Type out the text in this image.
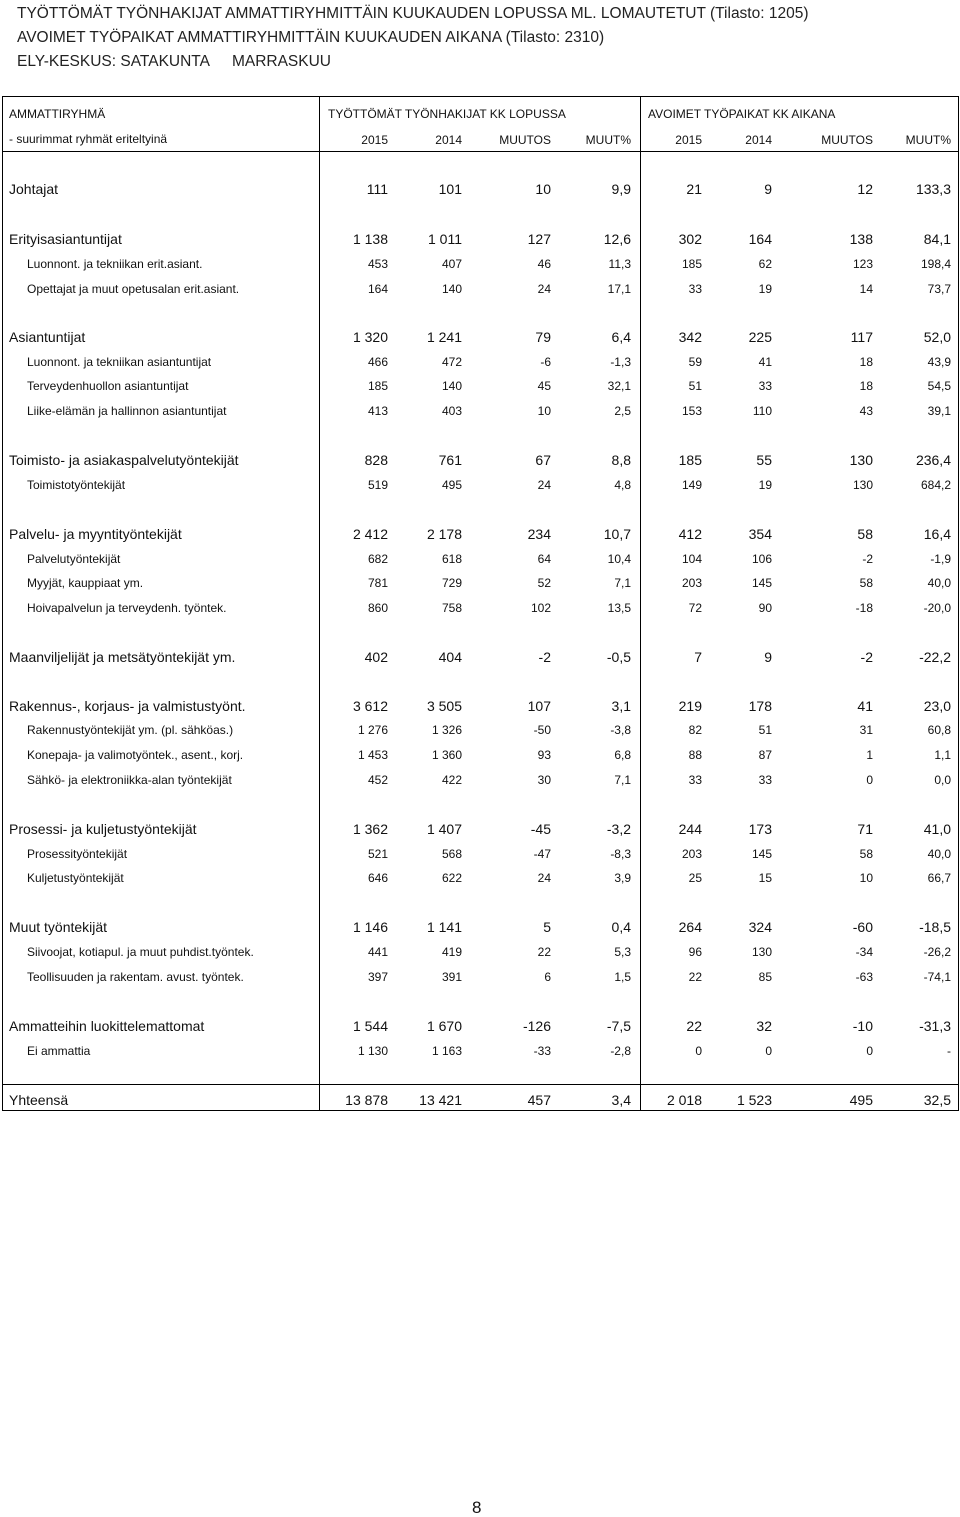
TYÖTTÖMÄT TYÖNHAKIJAT AMMATTIRYHMITTÄIN KUUKAUDEN LOPUSSA ML. LOMAUTETUT (Tilasto: 1205)
AVOIMET TYÖPAIKAT AMMATTIRYHMITTÄIN KUUKAUDEN AIKANA (Tilasto: 2310)
ELY-KESKUS: SATAKUNTA MARRASKUU
AMMATTIRYHMÄ
- suurimmat ryhmät eriteltyinä
TYÖTTÖMÄT TYÖNHAKIJAT KK LOPUSSA	AVOIMET TYÖPAIKAT KK AIKANA
2015	2014	MUUTOS	MUUT%	2015	2014	MUUTOS	MUUT%
Johtajat	111	101	10	9,9	21	9	12	133,3
Erityisasiantuntijat	1 138	1 011	127	12,6	302	164	138	84,1
Luonnont. ja tekniikan erit.asiant.	453	407	46	11,3	185	62	123	198,4
Opettajat ja muut opetusalan erit.asiant.	164	140	24	17,1	33	19	14	73,7
Asiantuntijat	1 320	1 241	79	6,4	342	225	117	52,0
Luonnont. ja tekniikan asiantuntijat	466	472	-6	-1,3	59	41	18	43,9
Terveydenhuollon asiantuntijat	185	140	45	32,1	51	33	18	54,5
Liike-elämän ja hallinnon asiantuntijat	413	403	10	2,5	153	110	43	39,1
Toimisto- ja asiakaspalvelutyöntekijät	828	761	67	8,8	185	55	130	236,4
Toimistotyöntekijät	519	495	24	4,8	149	19	130	684,2
Palvelu- ja myyntityöntekijät	2 412	2 178	234	10,7	412	354	58	16,4
Palvelutyöntekijät	682	618	64	10,4	104	106	-2	-1,9
Myyjät, kauppiaat ym.	781	729	52	7,1	203	145	58	40,0
Hoivapalvelun ja terveydenh. työntek.	860	758	102	13,5	72	90	-18	-20,0
Maanviljelijät ja metsätyöntekijät ym.	402	404	-2	-0,5	7	9	-2	-22,2
Rakennus-, korjaus- ja valmistustyönt.	3 612	3 505	107	3,1	219	178	41	23,0
Rakennustyöntekijät ym. (pl. sähköas.)	1 276	1 326	-50	-3,8	82	51	31	60,8
Konepaja- ja valimotyöntek., asent., korj.	1 453	1 360	93	6,8	88	87	1	1,1
Sähkö- ja elektroniikka-alan työntekijät	452	422	30	7,1	33	33	0	0,0
Prosessi- ja kuljetustyöntekijät	1 362	1 407	-45	-3,2	244	173	71	41,0
Prosessityöntekijät	521	568	-47	-8,3	203	145	58	40,0
Kuljetustyöntekijät	646	622	24	3,9	25	15	10	66,7
Muut työntekijät	1 146	1 141	5	0,4	264	324	-60	-18,5
Siivoojat, kotiapul. ja muut puhdist.työntek.	441	419	22	5,3	96	130	-34	-26,2
Teollisuuden ja rakentam. avust. työntek.	397	391	6	1,5	22	85	-63	-74,1
Ammatteihin luokittelemattomat	1 544	1 670	-126	-7,5	22	32	-10	-31,3
Ei ammattia	1 130	1 163	-33	-2,8	0	0	0	-
Yhteensä	13 878	13 421	457	3,4	2 018	1 523	495	32,5
8
